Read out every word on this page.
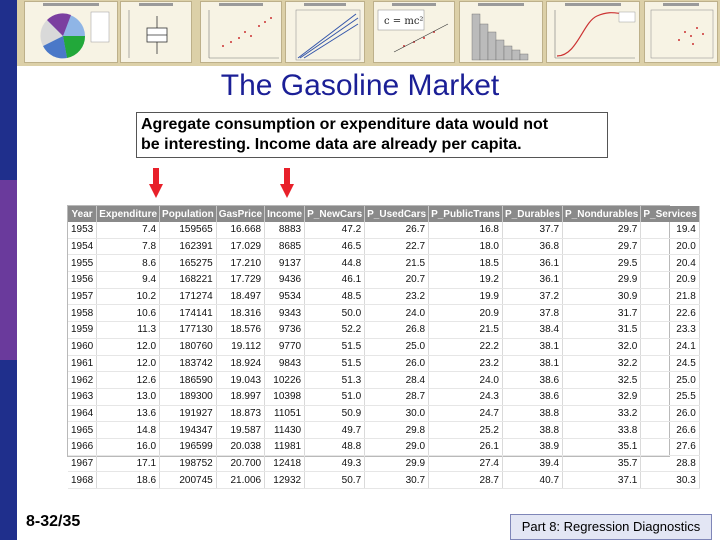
c = mc²
The Gasoline Market
Agregate consumption or expenditure data would not
be interesting. Income data are already per capita.
Year	Expenditure	Population	GasPrice	Income	P_NewCars	P_UsedCars	P_PublicTrans	P_Durables	P_Nondurables	P_Services
1953	7.4	159565	16.668	8883	47.2	26.7	16.8	37.7	29.7	19.4
1954	7.8	162391	17.029	8685	46.5	22.7	18.0	36.8	29.7	20.0
1955	8.6	165275	17.210	9137	44.8	21.5	18.5	36.1	29.5	20.4
1956	9.4	168221	17.729	9436	46.1	20.7	19.2	36.1	29.9	20.9
1957	10.2	171274	18.497	9534	48.5	23.2	19.9	37.2	30.9	21.8
1958	10.6	174141	18.316	9343	50.0	24.0	20.9	37.8	31.7	22.6
1959	11.3	177130	18.576	9736	52.2	26.8	21.5	38.4	31.5	23.3
1960	12.0	180760	19.112	9770	51.5	25.0	22.2	38.1	32.0	24.1
1961	12.0	183742	18.924	9843	51.5	26.0	23.2	38.1	32.2	24.5
1962	12.6	186590	19.043	10226	51.3	28.4	24.0	38.6	32.5	25.0
1963	13.0	189300	18.997	10398	51.0	28.7	24.3	38.6	32.9	25.5
1964	13.6	191927	18.873	11051	50.9	30.0	24.7	38.8	33.2	26.0
1965	14.8	194347	19.587	11430	49.7	29.8	25.2	38.8	33.8	26.6
1966	16.0	196599	20.038	11981	48.8	29.0	26.1	38.9	35.1	27.6
1967	17.1	198752	20.700	12418	49.3	29.9	27.4	39.4	35.7	28.8
1968	18.6	200745	21.006	12932	50.7	30.7	28.7	40.7	37.1	30.3
8-32/35	Part 8: Regression Diagnostics
